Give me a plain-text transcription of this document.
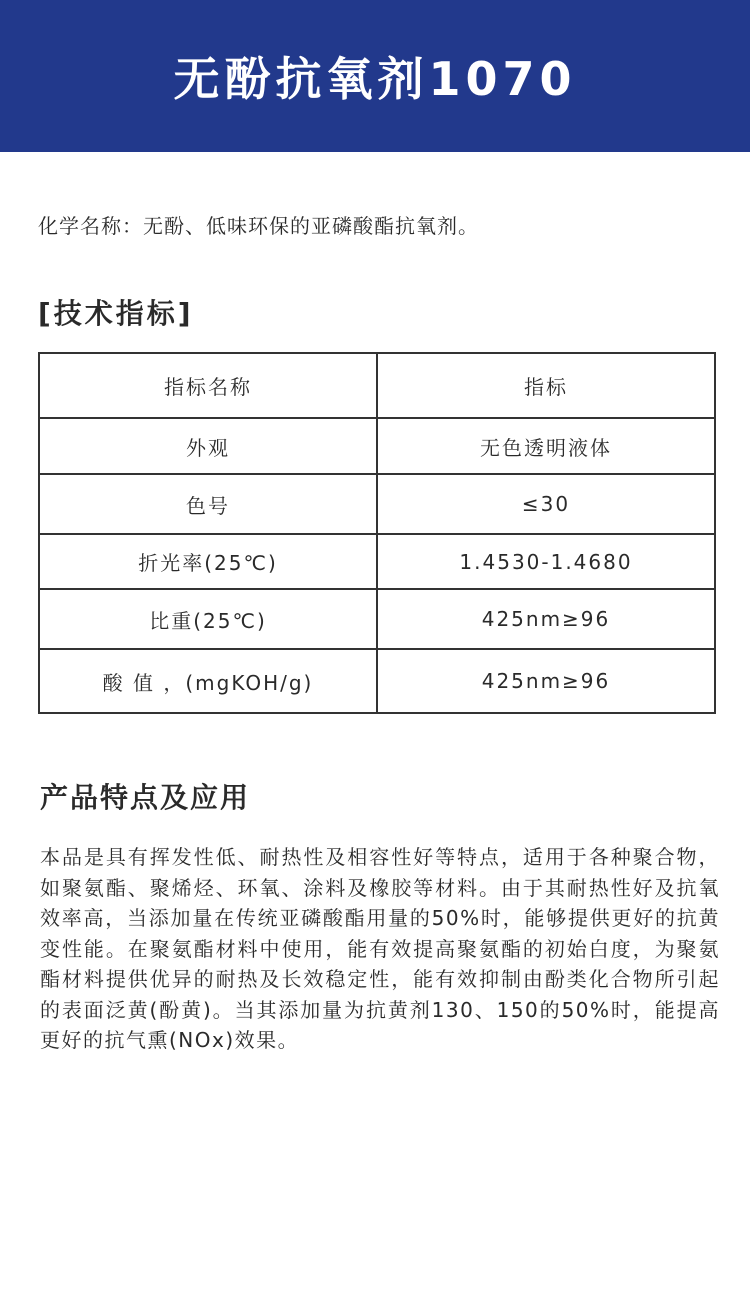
无酚抗氧剂1070
化学名称：无酚、低味环保的亚磷酸酯抗氧剂。
[技术指标]
指标名称	指标
外观	无色透明液体
色号	≤30
折光率(25℃)	1.4530-1.4680
比重(25℃)	425nm≥96
酸 值 ，(mgKOH/g)	425nm≥96
产品特点及应用

本品是具有挥发性低、耐热性及相容性好等特点，适用于各种聚合物，如聚氨酯、聚烯烃、环氧、涂料及橡胶等材料。由于其耐热性好及抗氧效率高，当添加量在传统亚磷酸酯用量的50%时，能够提供更好的抗黄变性能。在聚氨酯材料中使用，能有效提高聚氨酯的初始白度，为聚氨酯材料提供优异的耐热及长效稳定性，能有效抑制由酚类化合物所引起的表面泛黄(酚黄)。当其添加量为抗黄剂130、150的50%时，能提高更好的抗气熏(NOx)效果。
